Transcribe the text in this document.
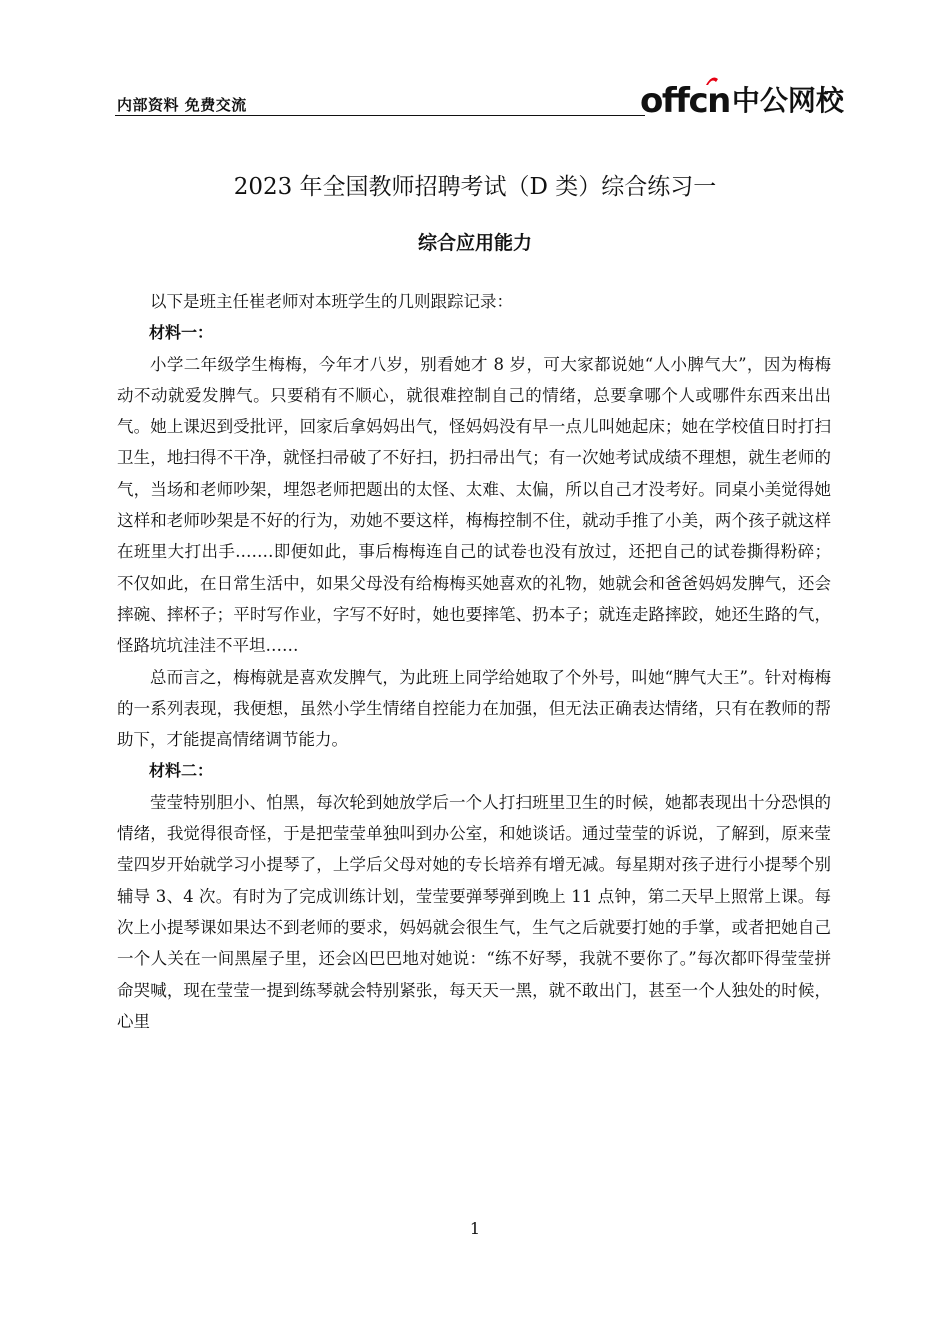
内部资料 免费交流	offcn 中公网校
2023 年全国教师招聘考试（D 类）综合练习一
综合应用能力

以下是班主任崔老师对本班学生的几则跟踪记录：

材料一：

小学二年级学生梅梅，今年才八岁，别看她才 8 岁，可大家都说她“人小脾气大”，因为梅梅动不动就爱发脾气。只要稍有不顺心，就很难控制自己的情绪，总要拿哪个人或哪件东西来出出气。她上课迟到受批评，回家后拿妈妈出气，怪妈妈没有早一点儿叫她起床；她在学校值日时打扫卫生，地扫得不干净，就怪扫帚破了不好扫，扔扫帚出气；有一次她考试成绩不理想，就生老师的气，当场和老师吵架，埋怨老师把题出的太怪、太难、太偏，所以自己才没考好。同桌小美觉得她这样和老师吵架是不好的行为，劝她不要这样，梅梅控制不住，就动手推了小美，两个孩子就这样在班里大打出手.……即便如此，事后梅梅连自己的试卷也没有放过，还把自己的试卷撕得粉碎；不仅如此，在日常生活中，如果父母没有给梅梅买她喜欢的礼物，她就会和爸爸妈妈发脾气，还会摔碗、摔杯子；平时写作业，字写不好时，她也要摔笔、扔本子；就连走路摔跤，她还生路的气，怪路坑坑洼洼不平坦……

总而言之，梅梅就是喜欢发脾气，为此班上同学给她取了个外号，叫她“脾气大王”。针对梅梅的一系列表现，我便想，虽然小学生情绪自控能力在加强，但无法正确表达情绪，只有在教师的帮助下，才能提高情绪调节能力。

材料二：

莹莹特别胆小、怕黑，每次轮到她放学后一个人打扫班里卫生的时候，她都表现出十分恐惧的情绪，我觉得很奇怪，于是把莹莹单独叫到办公室，和她谈话。通过莹莹的诉说，了解到，原来莹莹四岁开始就学习小提琴了，上学后父母对她的专长培养有增无减。每星期对孩子进行小提琴个别辅导 3、4 次。有时为了完成训练计划，莹莹要弹琴弹到晚上 11 点钟，第二天早上照常上课。每次上小提琴课如果达不到老师的要求，妈妈就会很生气，生气之后就要打她的手掌，或者把她自己一个人关在一间黑屋子里，还会凶巴巴地对她说：“练不好琴，我就不要你了。”每次都吓得莹莹拼命哭喊，现在莹莹一提到练琴就会特别紧张，每天天一黑，就不敢出门，甚至一个人独处的时候，心里

1
